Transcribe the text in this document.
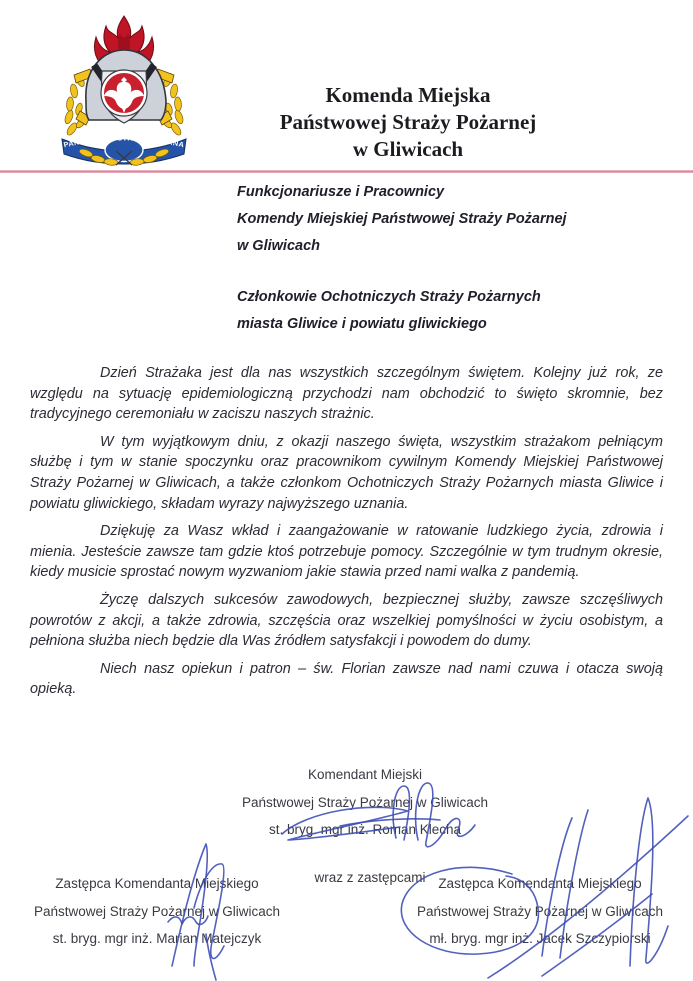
PAŃSTWOWA STRAŻ POŻARNA
Komenda Miejska
Państwowej Straży Pożarnej
w Gliwicach
Funkcjonariusze i Pracownicy
Komendy Miejskiej Państwowej Straży Pożarnej
w Gliwicach
Członkowie Ochotniczych Straży Pożarnych
miasta Gliwice i powiatu gliwickiego

Dzień Strażaka jest dla nas wszystkich szczególnym świętem. Kolejny już rok, ze względu na sytuację epidemiologiczną przychodzi nam obchodzić to święto skromnie, bez tradycyjnego ceremoniału w zaciszu naszych strażnic.

W tym wyjątkowym dniu, z okazji naszego święta, wszystkim strażakom pełniącym służbę i tym w stanie spoczynku oraz pracownikom cywilnym Komendy Miejskiej Państwowej Straży Pożarnej w Gliwicach, a także członkom Ochotniczych Straży Pożarnych miasta Gliwice i powiatu gliwickiego, składam wyrazy najwyższego uznania.

Dziękuję za Wasz wkład i zaangażowanie w ratowanie ludzkiego życia, zdrowia i mienia. Jesteście zawsze tam gdzie ktoś potrzebuje pomocy. Szczególnie w tym trudnym okresie, kiedy musicie sprostać nowym wyzwaniom jakie stawia przed nami walka z pandemią.

Życzę dalszych sukcesów zawodowych, bezpiecznej służby, zawsze szczęśliwych powrotów z akcji, a także zdrowia, szczęścia oraz wszelkiej pomyślności w życiu osobistym, a pełniona służba niech będzie dla Was źródłem satysfakcji i powodem do dumy.

Niech nasz opiekun i patron – św. Florian zawsze nad nami czuwa i otacza swoją opieką.

Komendant Miejski
Państwowej Straży Pożarnej w Gliwicach
st. bryg. mgr inż. Roman Klecha
wraz z zastępcami
Zastępca Komendanta Miejskiego
Państwowej Straży Pożarnej w Gliwicach
st. bryg. mgr inż. Marian Matejczyk
Zastępca Komendanta Miejskiego
Państwowej Straży Pożarnej w Gliwicach
mł. bryg. mgr inż. Jacek Szczypiorski
